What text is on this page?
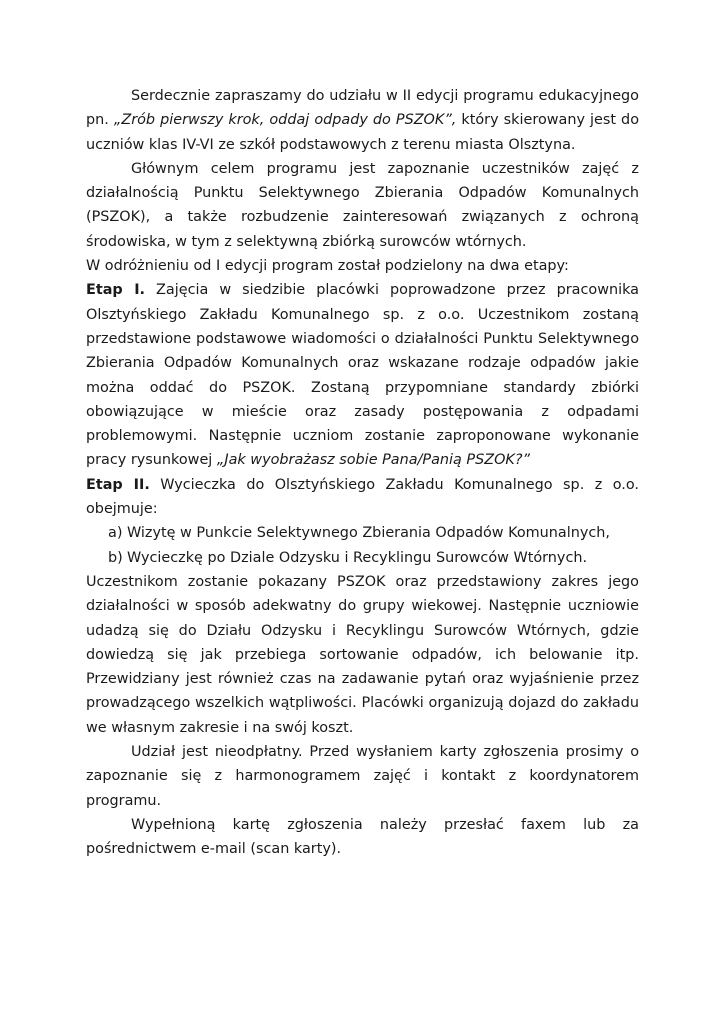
Serdecznie zapraszamy do udziału w II edycji programu edukacyjnego pn. „Zrób pierwszy krok, oddaj odpady do PSZOK”, który skierowany jest do uczniów klas IV-VI ze szkół podstawowych z terenu miasta Olsztyna.

Głównym celem programu jest zapoznanie uczestników zajęć z działalnością Punktu Selektywnego Zbierania Odpadów Komunalnych (PSZOK), a także rozbudzenie zainteresowań związanych z ochroną środowiska, w tym z selektywną zbiórką surowców wtórnych.

W odróżnieniu od I edycji program został podzielony na dwa etapy:

Etap I. Zajęcia w siedzibie placówki poprowadzone przez pracownika Olsztyńskiego Zakładu Komunalnego sp. z o.o. Uczestnikom zostaną przedstawione podstawowe wiadomości o działalności Punktu Selektywnego Zbierania Odpadów Komunalnych oraz wskazane rodzaje odpadów jakie można oddać do PSZOK. Zostaną przypomniane standardy zbiórki obowiązujące w mieście oraz zasady postępowania z odpadami problemowymi. Następnie uczniom zostanie zaproponowane wykonanie pracy rysunkowej „Jak wyobrażasz sobie Pana/Panią PSZOK?”

Etap II. Wycieczka do Olsztyńskiego Zakładu Komunalnego sp. z o.o. obejmuje:

a) Wizytę w Punkcie Selektywnego Zbierania Odpadów Komunalnych,

b) Wycieczkę po Dziale Odzysku i Recyklingu Surowców Wtórnych.

Uczestnikom zostanie pokazany PSZOK oraz przedstawiony zakres jego działalności w sposób adekwatny do grupy wiekowej. Następnie uczniowie udadzą się do Działu Odzysku i Recyklingu Surowców Wtórnych, gdzie dowiedzą się jak przebiega sortowanie odpadów, ich belowanie itp. Przewidziany jest również czas na zadawanie pytań oraz wyjaśnienie przez prowadzącego wszelkich wątpliwości. Placówki organizują dojazd do zakładu we własnym zakresie i na swój koszt.

Udział jest nieodpłatny. Przed wysłaniem karty zgłoszenia prosimy o zapoznanie się z harmonogramem zajęć i kontakt z koordynatorem programu.

Wypełnioną kartę zgłoszenia należy przesłać faxem lub za pośrednictwem e-mail (scan karty).
